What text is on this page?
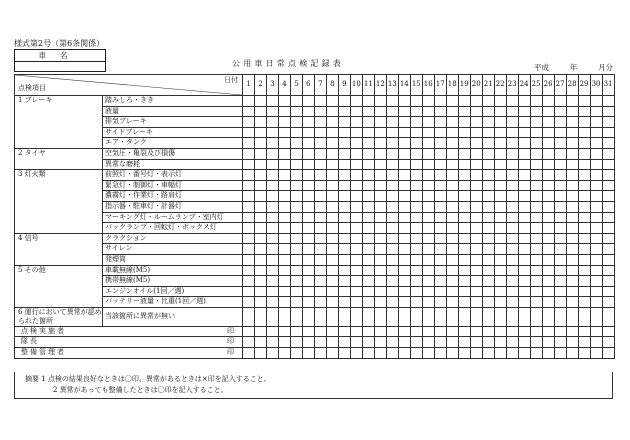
様式第2号（第6条関係）
車名
公用車日常点検記録表	平成	年	月分
日付
点検項目		1	2	3	4	5	6	7	8	9	10	11	12	13	14	15	16	17	18	19	20	21	22	23	24	25	26	27	28	29	30	31
1 ブレーキ	踏みしろ・きき																															
	液量																															
	排気ブレーキ																															
	サイドブレーキ																															
	エア・タンク																															
2 タイヤ	空気圧・亀裂及び損傷																															
	異常な磨耗																															
3 灯火類	前照灯・番号灯・表示灯																															
	緊急灯・制御灯・車幅灯																															
	濃霧灯・作業灯・路肩灯																															
	指示器・駐車灯・計器灯																															
	マーキング灯・ルームランプ・室内灯																															
	バックランプ・回転灯・ボックス灯																															
4 信号	クラクション																															
	サイレン																															
	発煙筒																															
5 その他	車載無線(M5)																															
	携帯無線(M5)																															
	エンジンオイル(1回／週)																															
	バッテリー液量・比重(1回／週)																															
6 運行において異常が認められた箇所	当該箇所に異常が無い																															

点検実施者 印																																

隊長 印																																

整備管理者 印																																

摘要 1 点検の結果良好なときは〇印、異常があるときは×印を記入すること。
2 異常があっても整備したときは〇印を記入すること。
